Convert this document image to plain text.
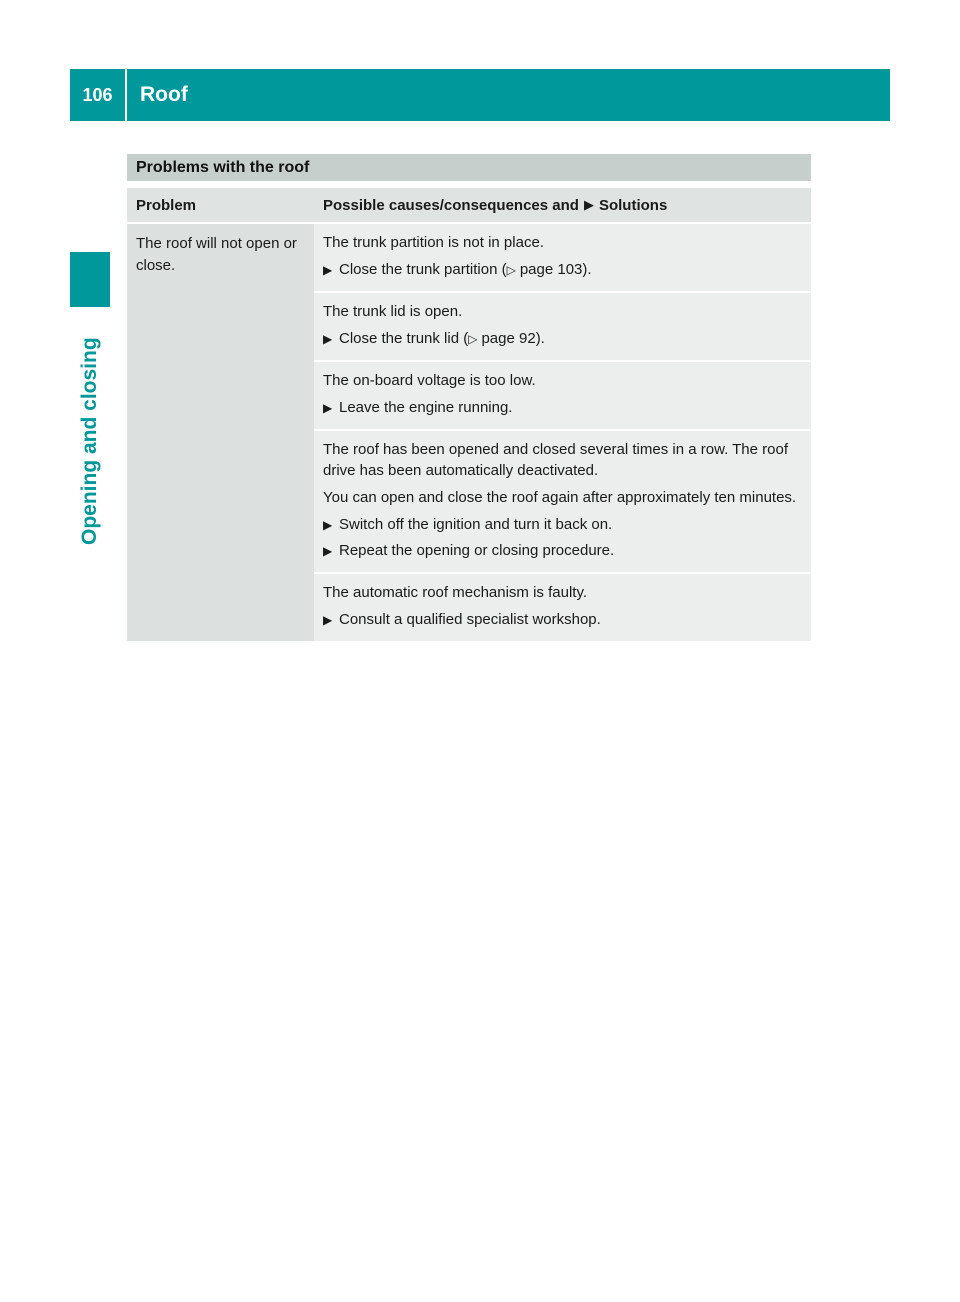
106	Roof
Opening and closing
Problems with the roof
Problem	Possible causes/consequences and ▶ Solutions
The roof will not open or close.
The trunk partition is not in place.
▶ Close the trunk partition (▷ page 103).
The trunk lid is open.
▶ Close the trunk lid (▷ page 92).
The on-board voltage is too low.
▶ Leave the engine running.
The roof has been opened and closed several times in a row. The roof drive has been automatically deactivated.
You can open and close the roof again after approximately ten minutes.
▶ Switch off the ignition and turn it back on.
▶ Repeat the opening or closing procedure.
The automatic roof mechanism is faulty.
▶ Consult a qualified specialist workshop.
